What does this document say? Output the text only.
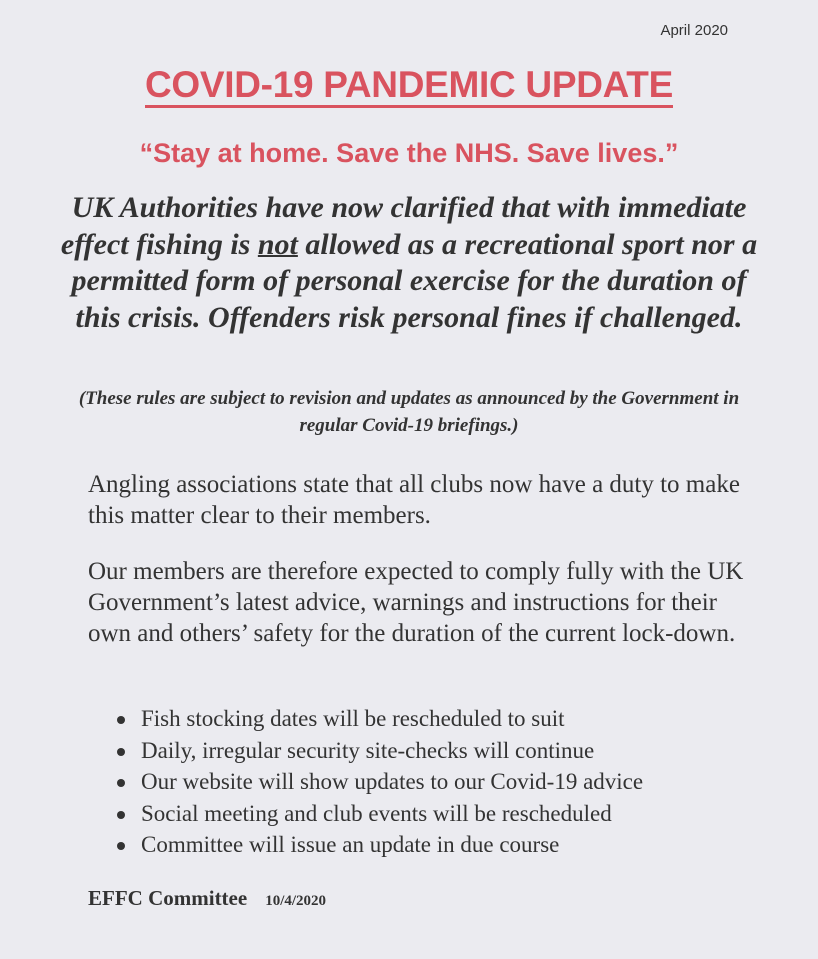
April 2020
COVID-19 PANDEMIC UPDATE
“Stay at home. Save the NHS. Save lives.”
UK Authorities have now clarified that with immediate effect fishing is not allowed as a recreational sport nor a permitted form of personal exercise for the duration of this crisis. Offenders risk personal fines if challenged.
(These rules are subject to revision and updates as announced by the Government in regular Covid-19 briefings.)
Angling associations state that all clubs now have a duty to make this matter clear to their members.
Our members are therefore expected to comply fully with the UK Government’s latest advice, warnings and instructions for their own and others’ safety for the duration of the current lock-down.
Fish stocking dates will be rescheduled to suit
Daily, irregular security site-checks will continue
Our website will show updates to our Covid-19 advice
Social meeting and club events will be rescheduled
Committee will issue an update in due course
EFFC Committee 10/4/2020
